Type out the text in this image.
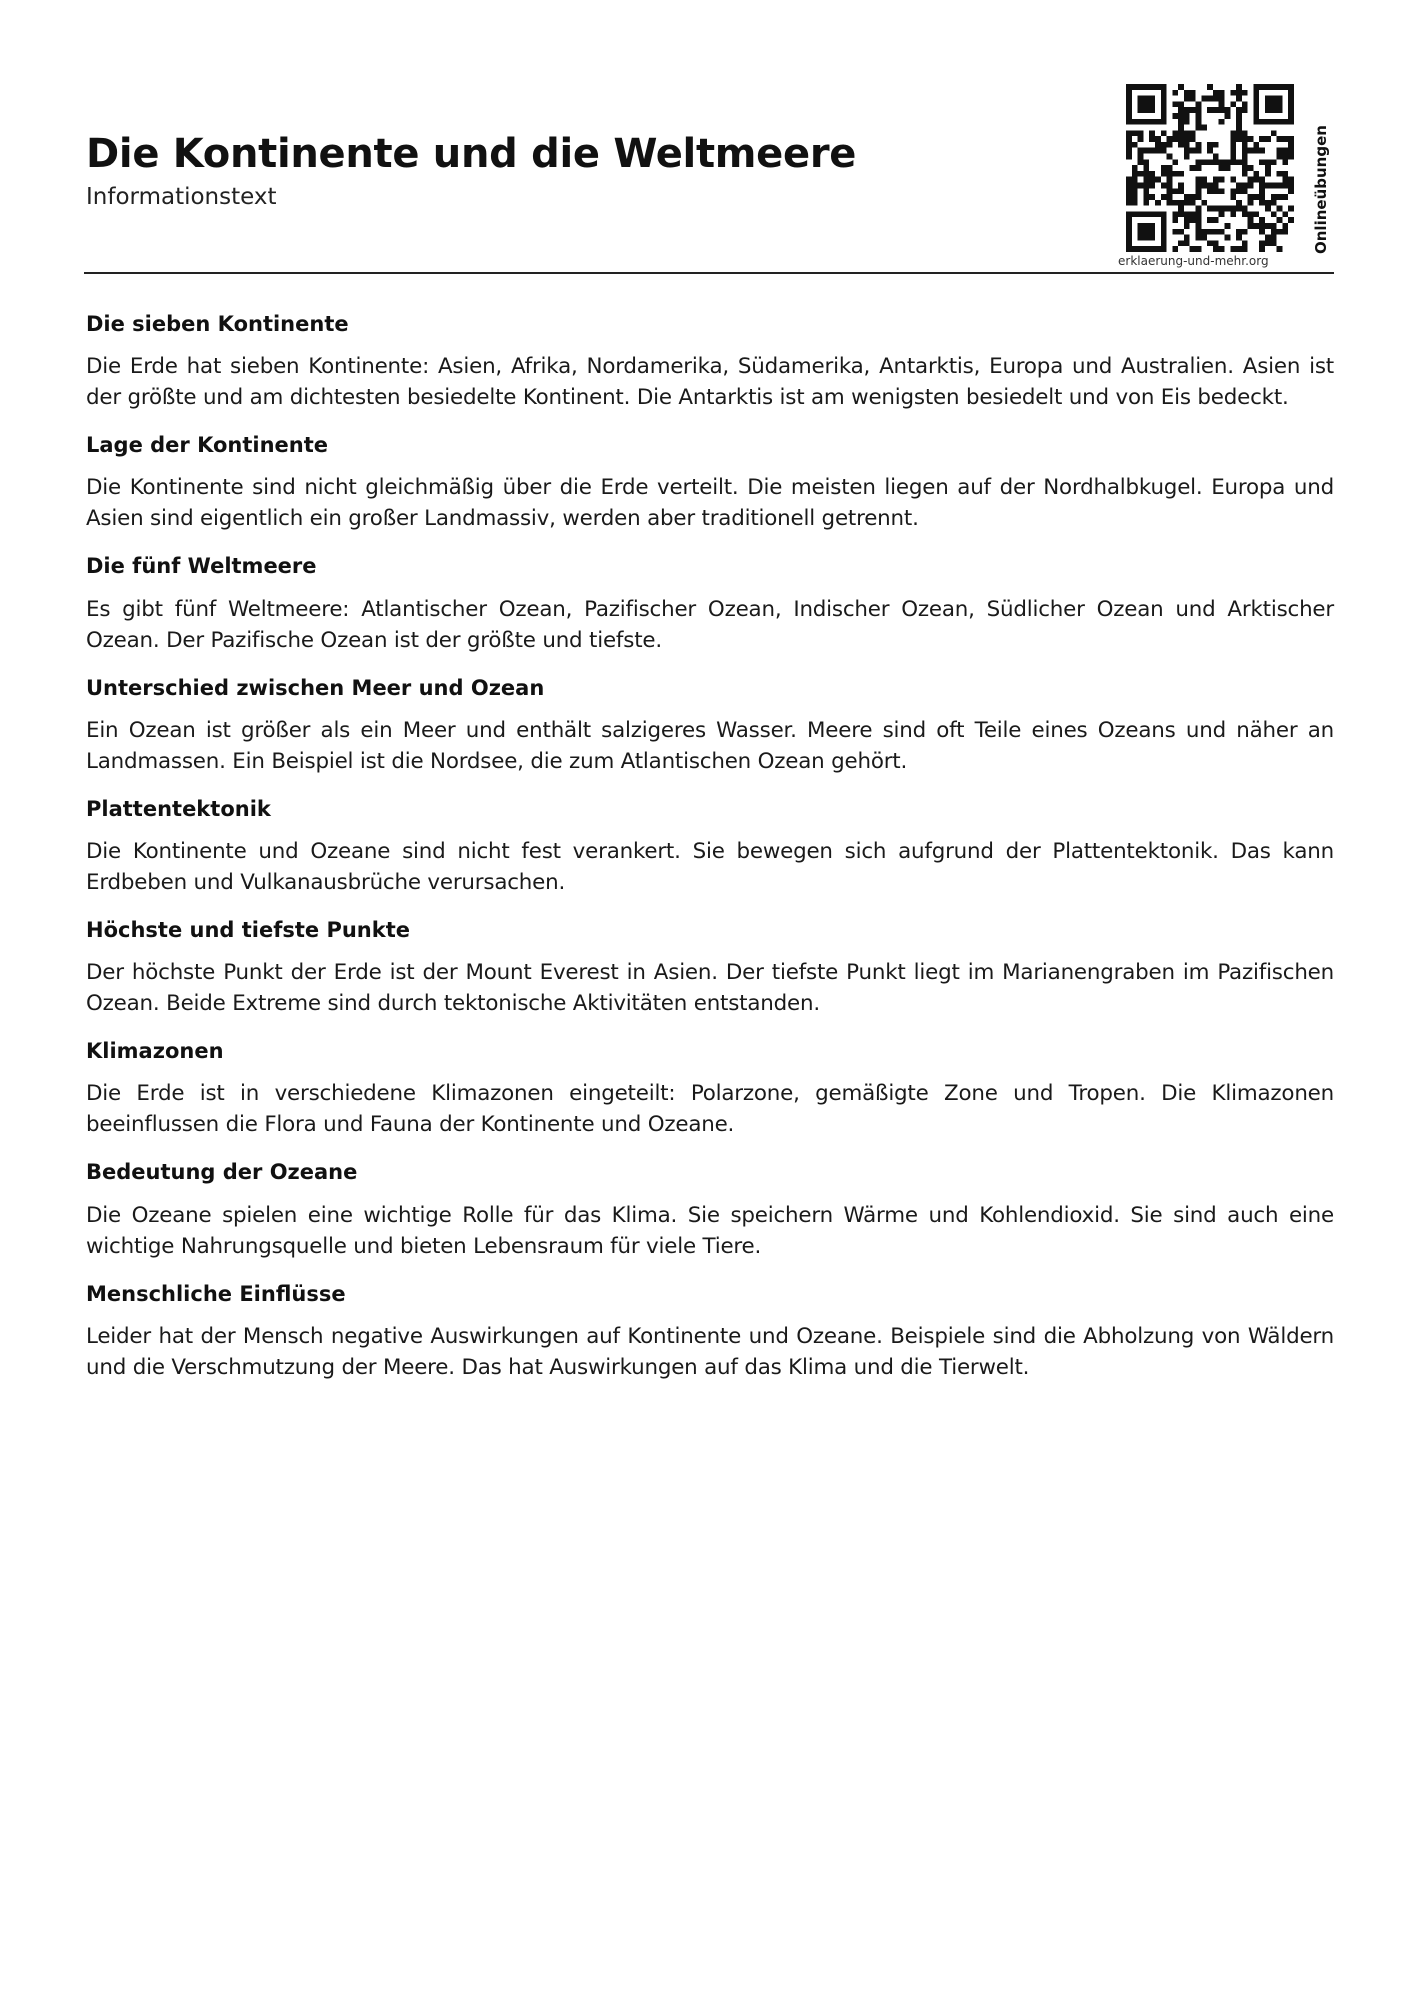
Die Kontinente und die Weltmeere
Informationstext
erklaerung-und-mehr.org
Onlineübungen
Die sieben Kontinente

Die Erde hat sieben Kontinente: Asien, Afrika, Nordamerika, Südamerika, Antarktis, Europa und Australien. Asien ist der größte und am dichtesten besiedelte Kontinent. Die Antarktis ist am wenigsten besiedelt und von Eis bedeckt.

Lage der Kontinente

Die Kontinente sind nicht gleichmäßig über die Erde verteilt. Die meisten liegen auf der Nordhalbkugel. Europa und Asien sind eigentlich ein großer Landmassiv, werden aber traditionell getrennt.

Die fünf Weltmeere

Es gibt fünf Weltmeere: Atlantischer Ozean, Pazifischer Ozean, Indischer Ozean, Südlicher Ozean und Arktischer Ozean. Der Pazifische Ozean ist der größte und tiefste.

Unterschied zwischen Meer und Ozean

Ein Ozean ist größer als ein Meer und enthält salzigeres Wasser. Meere sind oft Teile eines Ozeans und näher an Landmassen. Ein Beispiel ist die Nordsee, die zum Atlantischen Ozean gehört.

Plattentektonik

Die Kontinente und Ozeane sind nicht fest verankert. Sie bewegen sich aufgrund der Plattentektonik. Das kann Erdbeben und Vulkanausbrüche verursachen.

Höchste und tiefste Punkte

Der höchste Punkt der Erde ist der Mount Everest in Asien. Der tiefste Punkt liegt im Marianengraben im Pazifischen Ozean. Beide Extreme sind durch tektonische Aktivitäten entstanden.

Klimazonen

Die Erde ist in verschiedene Klimazonen eingeteilt: Polarzone, gemäßigte Zone und Tropen. Die Klimazonen beeinflussen die Flora und Fauna der Kontinente und Ozeane.

Bedeutung der Ozeane

Die Ozeane spielen eine wichtige Rolle für das Klima. Sie speichern Wärme und Kohlendioxid. Sie sind auch eine wichtige Nahrungsquelle und bieten Lebensraum für viele Tiere.

Menschliche Einflüsse

Leider hat der Mensch negative Auswirkungen auf Kontinente und Ozeane. Beispiele sind die Abholzung von Wäldern und die Verschmutzung der Meere. Das hat Auswirkungen auf das Klima und die Tierwelt.
